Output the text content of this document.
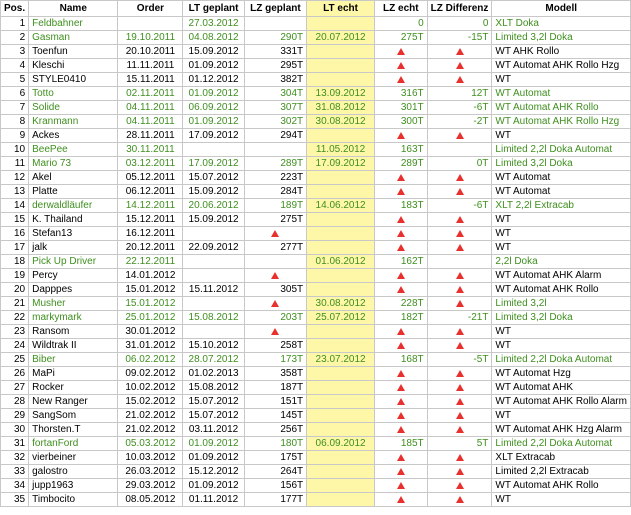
Pos.	Name	Order	LT geplant	LZ geplant	LT echt	LZ echt	LZ Differenz	Modell
1	Feldbahner		27.03.2012			0	0	XLT Doka
2	Gasman	19.10.2011	04.08.2012	290T	20.07.2012	275T	-15T	Limited 3,2l Doka
3	Toenfun	20.10.2011	15.09.2012	331T				WT AHK Rollo
4	Kleschi	11.11.2011	01.09.2012	295T				WT Automat AHK Rollo Hzg
5	STYLE0410	15.11.2011	01.12.2012	382T				WT
6	Totto	02.11.2011	01.09.2012	304T	13.09.2012	316T	12T	WT Automat
7	Solide	04.11.2011	06.09.2012	307T	31.08.2012	301T	-6T	WT Automat AHK Rollo
8	Kranmann	04.11.2011	01.09.2012	302T	30.08.2012	300T	-2T	WT Automat AHK Rollo Hzg
9	Ackes	28.11.2011	17.09.2012	294T				WT
10	BeePee	30.11.2011			11.05.2012	163T		Limited 2,2l Doka Automat
11	Mario 73	03.12.2011	17.09.2012	289T	17.09.2012	289T	0T	Limited 3,2l Doka
12	Akel	05.12.2011	15.07.2012	223T				WT Automat
13	Platte	06.12.2011	15.09.2012	284T				WT Automat
14	derwaldläufer	14.12.2011	20.06.2012	189T	14.06.2012	183T	-6T	XLT 2,2l Extracab
15	K. Thailand	15.12.2011	15.09.2012	275T				WT
16	Stefan13	16.12.2011						WT
17	jalk	20.12.2011	22.09.2012	277T				WT
18	Pick Up Driver	22.12.2011			01.06.2012	162T		2,2l Doka
19	Percy	14.01.2012						WT Automat AHK Alarm
20	Dapppes	15.01.2012	15.11.2012	305T				WT Automat AHK Rollo
21	Musher	15.01.2012			30.08.2012	228T		Limited 3,2l
22	markymark	25.01.2012	15.08.2012	203T	25.07.2012	182T	-21T	Limited 3,2l Doka
23	Ransom	30.01.2012						WT
24	Wildtrak II	31.01.2012	15.10.2012	258T				WT
25	Biber	06.02.2012	28.07.2012	173T	23.07.2012	168T	-5T	Limited 2,2l Doka Automat
26	MaPi	09.02.2012	01.02.2013	358T				WT Automat Hzg
27	Rocker	10.02.2012	15.08.2012	187T				WT Automat AHK
28	New Ranger	15.02.2012	15.07.2012	151T				WT Automat AHK Rollo Alarm
29	SangSom	21.02.2012	15.07.2012	145T				WT
30	Thorsten.T	21.02.2012	03.11.2012	256T				WT Automat AHK Hzg Alarm
31	fortanFord	05.03.2012	01.09.2012	180T	06.09.2012	185T	5T	Limited 2,2l Doka Automat
32	vierbeiner	10.03.2012	01.09.2012	175T				XLT Extracab
33	galostro	26.03.2012	15.12.2012	264T				Limited 2,2l Extracab
34	jupp1963	29.03.2012	01.09.2012	156T				WT Automat AHK Rollo
35	Timbocito	08.05.2012	01.11.2012	177T				WT
